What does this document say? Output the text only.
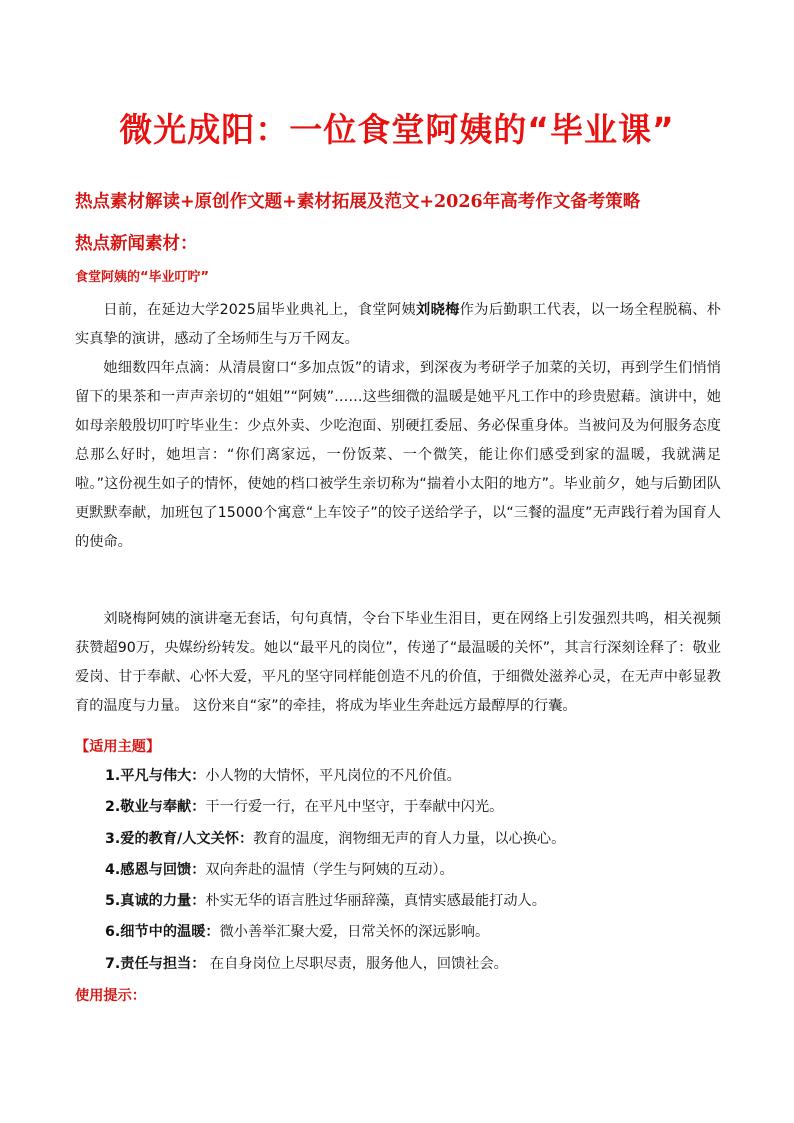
微光成阳：一位食堂阿姨的“毕业课”
热点素材解读+原创作文题+素材拓展及范文+2026年高考作文备考策略
热点新闻素材：
食堂阿姨的“毕业叮咛”

日前，在延边大学2025届毕业典礼上，食堂阿姨刘晓梅作为后勤职工代表，以一场全程脱稿、朴实真挚的演讲，感动了全场师生与万千网友。

她细数四年点滴：从清晨窗口“多加点饭”的请求，到深夜为考研学子加菜的关切，再到学生们悄悄留下的果茶和一声声亲切的“姐姐”“阿姨”……这些细微的温暖是她平凡工作中的珍贵慰藉。演讲中，她如母亲般殷切叮咛毕业生：少点外卖、少吃泡面、别硬扛委屈、务必保重身体。当被问及为何服务态度总那么好时，她坦言：“你们离家远，一份饭菜、一个微笑，能让你们感受到家的温暖，我就满足啦。”这份视生如子的情怀，使她的档口被学生亲切称为“揣着小太阳的地方”。毕业前夕，她与后勤团队更默默奉献，加班包了15000个寓意“上车饺子”的饺子送给学子，以“三餐的温度”无声践行着为国育人的使命。

刘晓梅阿姨的演讲毫无套话，句句真情，令台下毕业生泪目，更在网络上引发强烈共鸣，相关视频获赞超90万，央媒纷纷转发。她以“最平凡的岗位”，传递了“最温暖的关怀”，其言行深刻诠释了：敬业爱岗、甘于奉献、心怀大爱，平凡的坚守同样能创造不凡的价值，于细微处滋养心灵，在无声中彰显教育的温度与力量。 这份来自“家”的牵挂，将成为毕业生奔赴远方最醇厚的行囊。

【适用主题】
1.平凡与伟大：小人物的大情怀，平凡岗位的不凡价值。
2.敬业与奉献：干一行爱一行，在平凡中坚守，于奉献中闪光。
3.爱的教育/人文关怀：教育的温度，润物细无声的育人力量，以心换心。
4.感恩与回馈：双向奔赴的温情（学生与阿姨的互动）。
5.真诚的力量：朴实无华的语言胜过华丽辞藻，真情实感最能打动人。
6.细节中的温暖：微小善举汇聚大爱，日常关怀的深远影响。
7.责任与担当： 在自身岗位上尽职尽责，服务他人，回馈社会。
使用提示：
